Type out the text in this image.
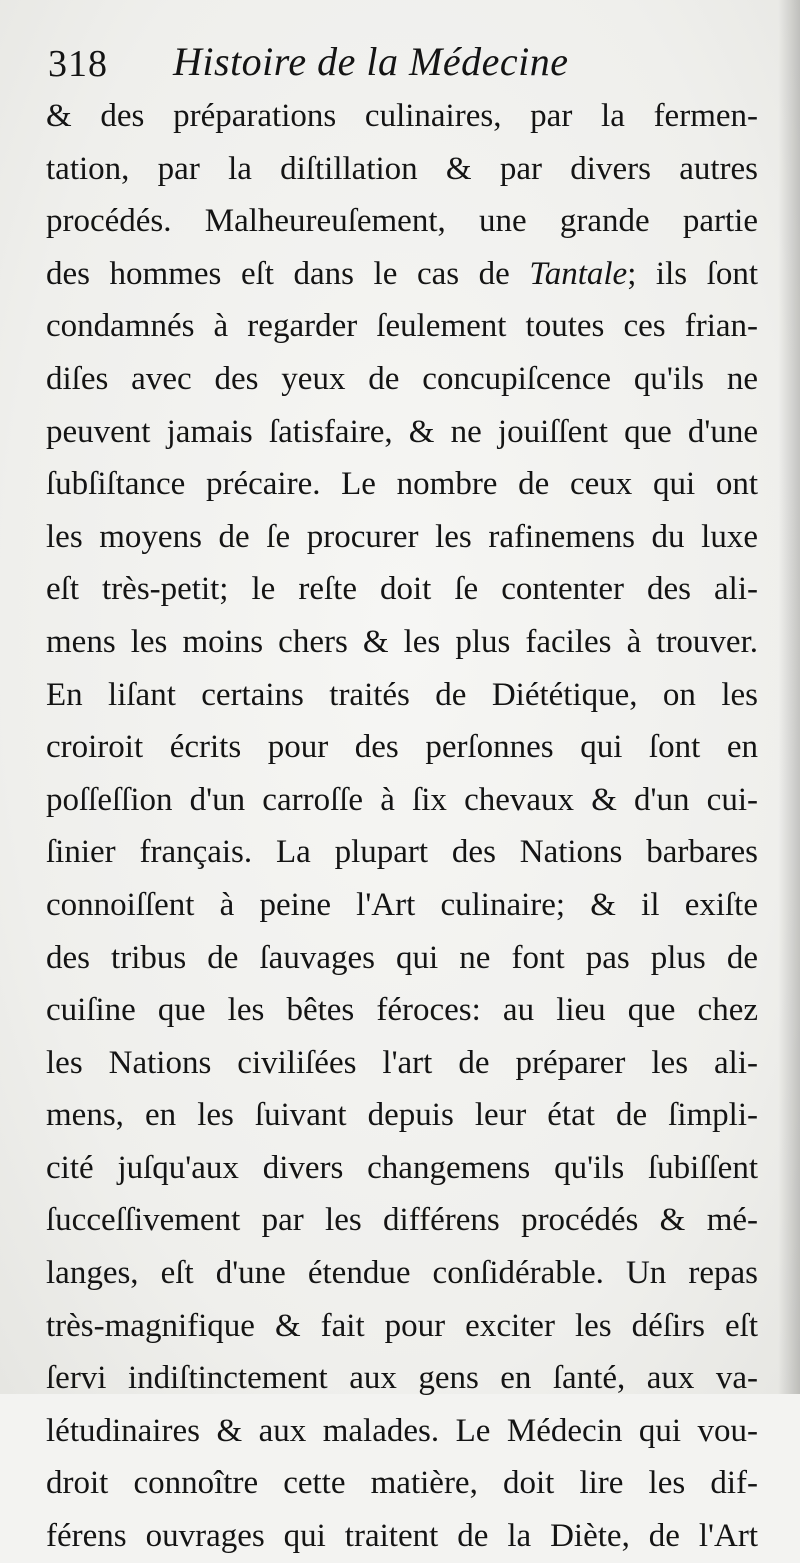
318 Histoire de la Médecine
& des préparations culinaires, par la fermen-
tation, par la diſtillation & par divers autres
procédés. Malheureuſement, une grande partie
des hommes eſt dans le cas de Tantale; ils ſont
condamnés à regarder ſeulement toutes ces frian-
diſes avec des yeux de concupiſcence qu'ils ne
peuvent jamais ſatisfaire, & ne jouiſſent que d'une
ſubſiſtance précaire. Le nombre de ceux qui ont
les moyens de ſe procurer les rafinemens du luxe
eſt très-petit; le reſte doit ſe contenter des ali-
mens les moins chers & les plus faciles à trouver.
En liſant certains traités de Diététique, on les
croiroit écrits pour des perſonnes qui ſont en
poſſeſſion d'un carroſſe à ſix chevaux & d'un cui-
ſinier français. La plupart des Nations barbares
connoiſſent à peine l'Art culinaire; & il exiſte
des tribus de ſauvages qui ne font pas plus de
cuiſine que les bêtes féroces: au lieu que chez
les Nations civiliſées l'art de préparer les ali-
mens, en les ſuivant depuis leur état de ſimpli-
cité juſqu'aux divers changemens qu'ils ſubiſſent
ſucceſſivement par les différens procédés & mé-
langes, eſt d'une étendue conſidérable. Un repas
très-magnifique & fait pour exciter les déſirs eſt
ſervi indiſtinctement aux gens en ſanté, aux va-
létudinaires & aux malades. Le Médecin qui vou-
droit connoître cette matière, doit lire les dif-
férens ouvrages qui traitent de la Diète, de l'Art
